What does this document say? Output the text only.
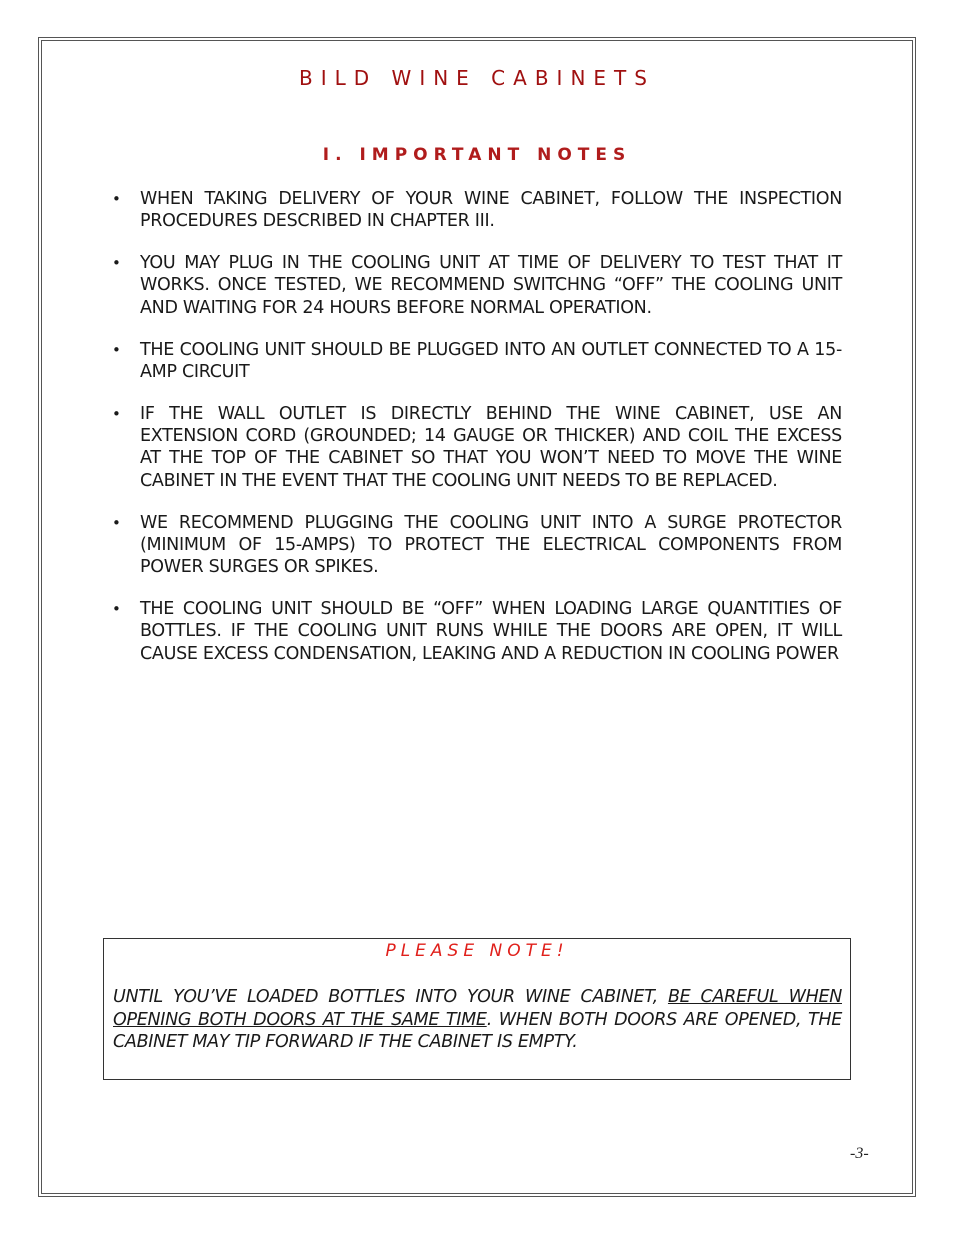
BILD WINE CABINETS
I. IMPORTANT NOTES
• WHEN TAKING DELIVERY OF YOUR WINE CABINET, FOLLOW THE INSPECTION PROCEDURES DESCRIBED IN CHAPTER III.
• YOU MAY PLUG IN THE COOLING UNIT AT TIME OF DELIVERY TO TEST THAT IT WORKS. ONCE TESTED, WE RECOMMEND SWITCHNG “OFF” THE COOLING UNIT AND WAITING FOR 24 HOURS BEFORE NORMAL OPERATION.
• THE COOLING UNIT SHOULD BE PLUGGED INTO AN OUTLET CONNECTED TO A 15-AMP CIRCUIT
• IF THE WALL OUTLET IS DIRECTLY BEHIND THE WINE CABINET, USE AN EXTENSION CORD (GROUNDED; 14 GAUGE OR THICKER) AND COIL THE EXCESS AT THE TOP OF THE CABINET SO THAT YOU WON’T NEED TO MOVE THE WINE CABINET IN THE EVENT THAT THE COOLING UNIT NEEDS TO BE REPLACED.
• WE RECOMMEND PLUGGING THE COOLING UNIT INTO A SURGE PROTECTOR (MINIMUM OF 15-AMPS) TO PROTECT THE ELECTRICAL COMPONENTS FROM POWER SURGES OR SPIKES.
• THE COOLING UNIT SHOULD BE “OFF” WHEN LOADING LARGE QUANTITIES OF BOTTLES. IF THE COOLING UNIT RUNS WHILE THE DOORS ARE OPEN, IT WILL CAUSE EXCESS CONDENSATION, LEAKING AND A REDUCTION IN COOLING POWER

PLEASE NOTE!

UNTIL YOU’VE LOADED BOTTLES INTO YOUR WINE CABINET, BE CAREFUL WHEN OPENING BOTH DOORS AT THE SAME TIME. WHEN BOTH DOORS ARE OPENED, THE CABINET MAY TIP FORWARD IF THE CABINET IS EMPTY.

-3-
